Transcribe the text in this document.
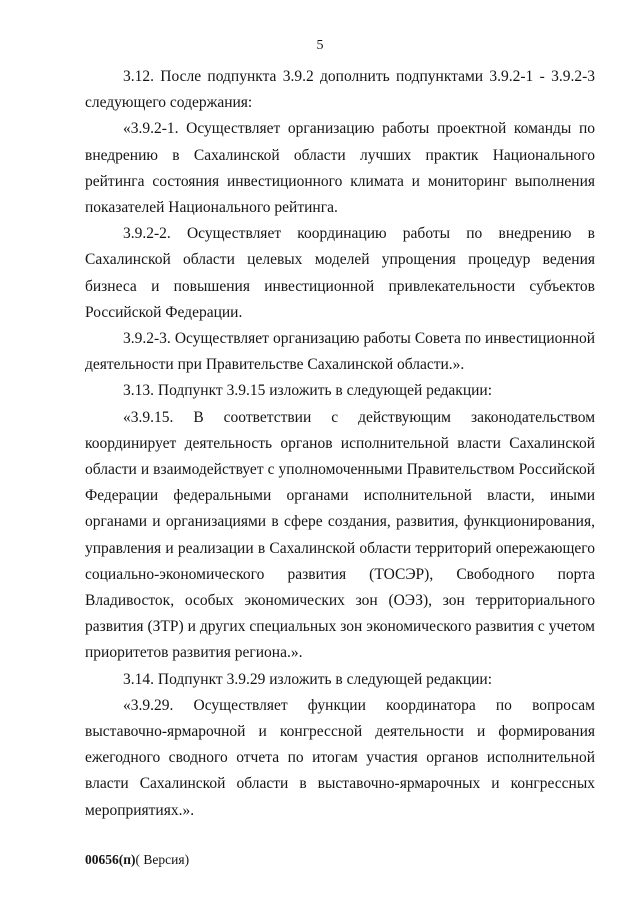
5

3.12. После подпункта 3.9.2 дополнить подпунктами 3.9.2-1 - 3.9.2-3 следующего содержания:

«3.9.2-1. Осуществляет организацию работы проектной команды по внедрению в Сахалинской области лучших практик Национального рейтинга состояния инвестиционного климата и мониторинг выполнения показателей Национального рейтинга.

3.9.2-2. Осуществляет координацию работы по внедрению в Сахалинской области целевых моделей упрощения процедур ведения бизнеса и повышения инвестиционной привлекательности субъектов Российской Федерации.

3.9.2-3. Осуществляет организацию работы Совета по инвестиционной деятельности при Правительстве Сахалинской области.».

3.13. Подпункт 3.9.15 изложить в следующей редакции:

«3.9.15. В соответствии с действующим законодательством координирует деятельность органов исполнительной власти Сахалинской области и взаимодействует с уполномоченными Правительством Российской Федерации федеральными органами исполнительной власти, иными органами и организациями в сфере создания, развития, функционирования, управления и реализации в Сахалинской области территорий опережающего социально-экономического развития (ТОСЭР), Свободного порта Владивосток, особых экономических зон (ОЭЗ), зон территориального развития (ЗТР) и других специальных зон экономического развития с учетом приоритетов развития региона.».

3.14. Подпункт 3.9.29 изложить в следующей редакции:

«3.9.29. Осуществляет функции координатора по вопросам выставочно-ярмарочной и конгрессной деятельности и формирования ежегодного сводного отчета по итогам участия органов исполнительной власти Сахалинской области в выставочно-ярмарочных и конгрессных мероприятиях.».

00656(п)( Версия)
